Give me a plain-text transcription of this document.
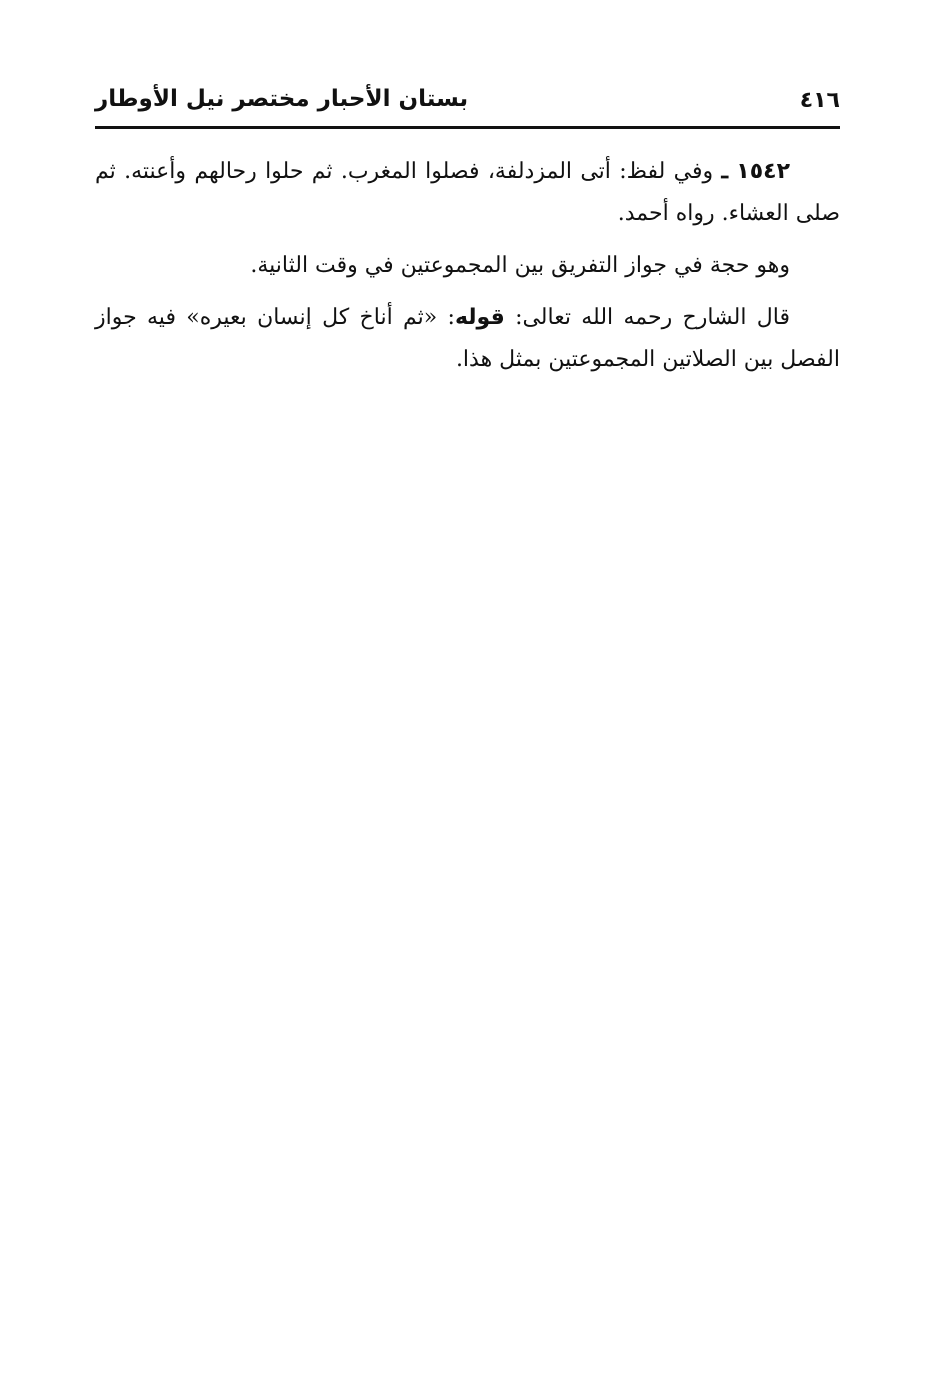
٤١٦
بستان الأحبار مختصر نيل الأوطار

١٥٤٢ ـ وفي لفظ: أتى المزدلفة، فصلوا المغرب. ثم حلوا رحالهم وأعنته. ثم صلى العشاء. رواه أحمد.

وهو حجة في جواز التفريق بين المجموعتين في وقت الثانية.

قال الشارح رحمه الله تعالى: قوله: «ثم أناخ كل إنسان بعيره» فيه جواز الفصل بين الصلاتين المجموعتين بمثل هذا.
